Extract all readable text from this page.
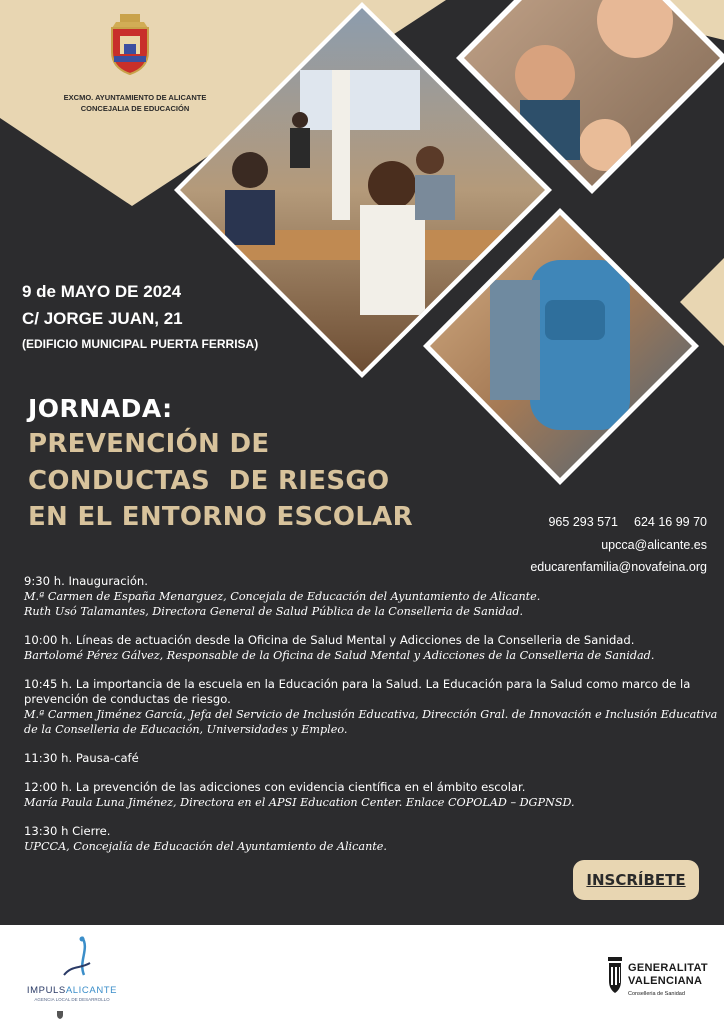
EXCMO. AYUNTAMIENTO DE ALICANTE
CONCEJALIA DE EDUCACIÓN
9 de MAYO DE 2024
C/ JORGE JUAN, 21
(EDIFICIO MUNICIPAL PUERTA FERRISA)
JORNADA:
PREVENCIÓN DE
CONDUCTAS  DE RIESGO
EN EL ENTORNO ESCOLAR	965 293 571 624 16 99 70
upcca@alicante.es
educarenfamilia@novafeina.org
9:30 h. Inauguración.
M.ª Carmen de España Menarguez, Concejala de Educación del Ayuntamiento de Alicante.
Ruth Usó Talamantes, Directora General de Salud Pública de la Conselleria de Sanidad.
10:00 h. Líneas de actuación desde la Oficina de Salud Mental y Adicciones de la Conselleria de Sanidad.
Bartolomé Pérez Gálvez, Responsable de la Oficina de Salud Mental y Adicciones de la Conselleria de Sanidad.
10:45 h. La importancia de la escuela en la Educación para la Salud. La Educación para la Salud como marco de la prevención de conductas de riesgo.
M.ª Carmen Jiménez García, Jefa del Servicio de Inclusión Educativa, Dirección Gral. de Innovación e Inclusión Educativa de la Conselleria de Educación, Universidades y Empleo.
11:30 h. Pausa-café
12:00 h. La prevención de las adicciones con evidencia científica en el ámbito escolar.
María Paula Luna Jiménez, Directora en el APSI Education Center. Enlace COPOLAD – DGPNSD.
13:30 h Cierre.
UPCCA, Concejalía de Educación del Ayuntamiento de Alicante.
INSCRÍBETE
IMPULSALICANTE
AGENCIA LOCAL DE DESARROLLO
GENERALITAT
VALENCIANA
Conselleria de Sanidad
